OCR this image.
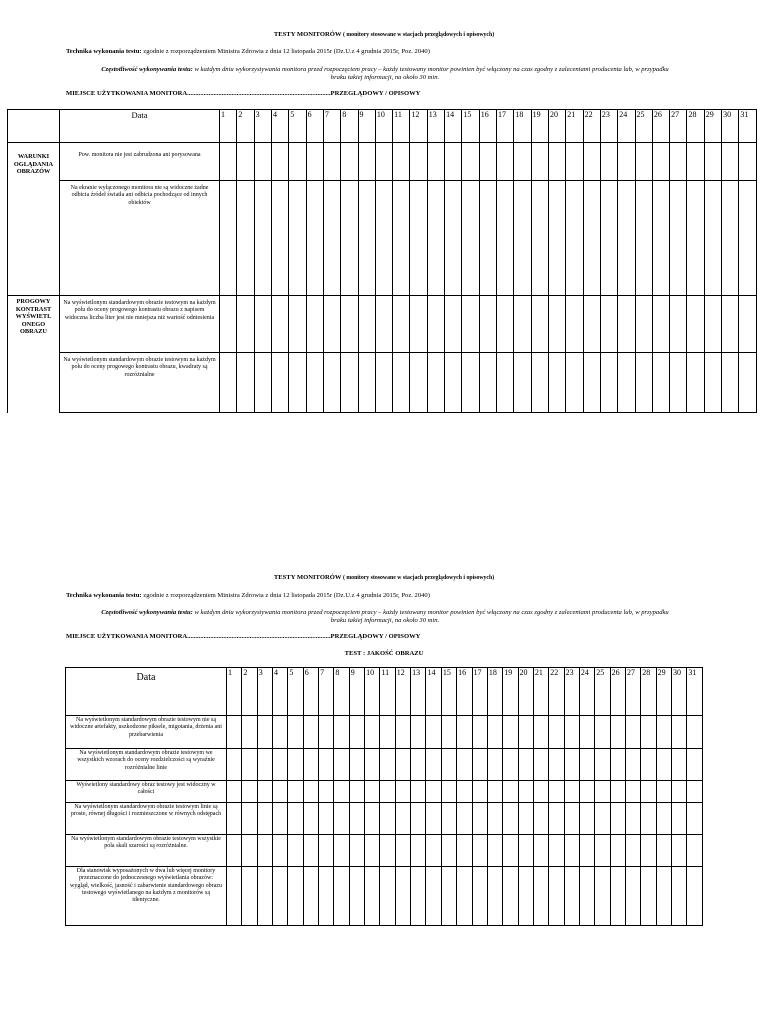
TESTY MONITORÓW ( monitory stosowane w stacjach przeglądowych i opisowych)
Technika wykonania testu: zgodnie z rozporządzeniem Ministra Zdrowia z dnia 12 listopada 2015r (Dz.U.z 4 grudnia 2015r, Poz. 2040)
Częstotliwość wykonywania testu: w każdym dniu wykorzystywania monitora przed rozpoczęciem pracy – każdy testowany monitor powinien być włączony na czas zgodny z zaleceniami producenta lub, w przypadku
braku takiej informacji, na około 30 min.
MIEJSCE UŻYTKOWANIA MONITORA.......................................................................................PRZEGLĄDOWY / OPISOWY
	Data	1	2	3	4	5	6	7	8	9	10	11	12	13	14	15	16	17	18	19	20	21	22	23	24	25	26	27	28	29	30	31
WARUNKI OGLĄDANIA OBRAZÓW	Pow. monitora nie jest zabrudzona ani porysowana																															
	Na ekranie wyłączonego monitora nie są widoczne żadne odbicia źródeł światła ani odbicia pochodzące od innych obiektów																															
PROGOWY KONTRAST WYŚWIETL ONEGO OBRAZU	Na wyświetlonym standardowym obrazie testowym na każdym polu do oceny progowego kontrastu obrazu z napisem widoczna liczba liter jest nie mniejsza niż wartość odniesienia																															
	Na wyświetlonym standardowym obrazie testowym na każdym polu do oceny progowego kontrastu obrazu, kwadraty są rozróżnialne																															
TESTY MONITORÓW ( monitory stosowane w stacjach przeglądowych i opisowych)
Technika wykonania testu: zgodnie z rozporządzeniem Ministra Zdrowia z dnia 12 listopada 2015r (Dz.U.z 4 grudnia 2015r, Poz. 2040)
Częstotliwość wykonywania testu: w każdym dniu wykorzystywania monitora przed rozpoczęciem pracy – każdy testowany monitor powinien być włączony na czas zgodny z zaleceniami producenta lub, w przypadku
braku takiej informacji, na około 30 min.
MIEJSCE UŻYTKOWANIA MONITORA.......................................................................................PRZEGLĄDOWY / OPISOWY
TEST : JAKOŚĆ OBRAZU
Data	1	2	3	4	5	6	7	8	9	10	11	12	13	14	15	16	17	18	19	20	21	22	23	24	25	26	27	28	29	30	31
Na wyświetlonym standardowym obrazie testowym nie są widoczne artefakty, uszkodzone piksele, migotania, drżenia ani przebarwienia																															
Na wyświetlonym standardowym obrazie testowym we wszystkich wzorach do oceny rozdzielczości są wyraźnie rozróżnialne linie																															
Wyświetlony standardowy obraz testowy jest widoczny w całości																															
Na wyświetlonym standardowym obrazie testowym linie są proste, równej długości i rozmieszczone w równych odstępach																															
Na wyświetlonym standardowym obrazie testowym wszystkie pola skali szarości są rozróżnialne.																															
Dla stanowisk wyposażonych w dwa lub więcej monitory przeznaczone do jednoczesnego wyświetlania obrazów: wygląd, wielkość, jasność i zabarwienie standardowego obrazu testowego wyświetlanego na każdym z monitorów są identyczne.																															
